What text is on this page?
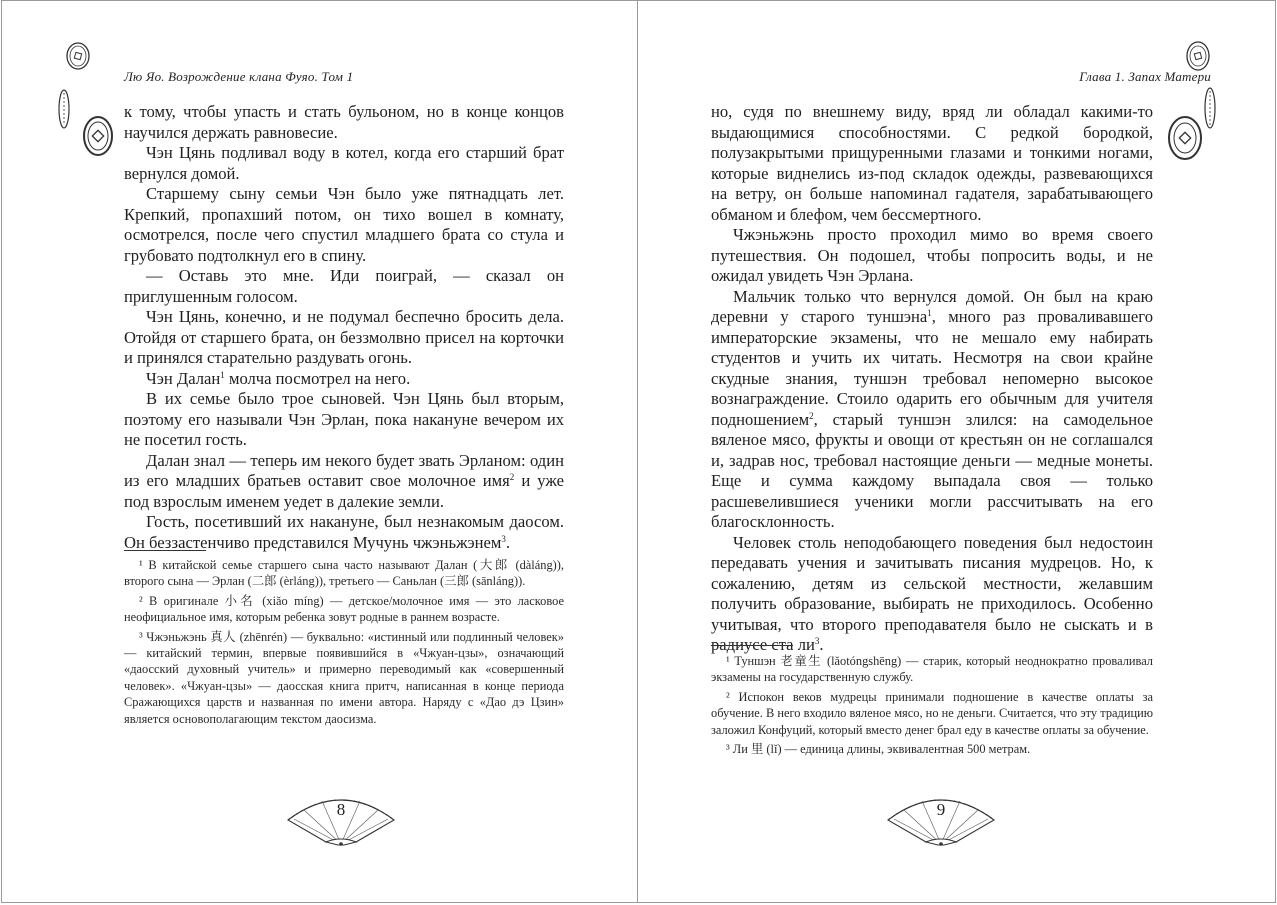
Лю Яо. Возрождение клана Фуяо. Том 1

к тому, чтобы упасть и стать бульоном, но в конце концов научился держать равновесие.

Чэн Цянь подливал воду в котел, когда его старший брат вернулся домой.

Старшему сыну семьи Чэн было уже пятнадцать лет. Крепкий, пропахший потом, он тихо вошел в комнату, осмотрелся, после чего спустил младшего брата со стула и грубовато подтолкнул его в спину.

— Оставь это мне. Иди поиграй, — сказал он приглушенным голосом.

Чэн Цянь, конечно, и не подумал беспечно бросить дела. Отойдя от старшего брата, он беззмолвно присел на корточки и принялся старательно раздувать огонь.

Чэн Далан$^1$ молча посмотрел на него.

В их семье было трое сыновей. Чэн Цянь был вторым, поэтому его называли Чэн Эрлан, пока накануне вечером их не посетил гость.

Далан знал — теперь им некого будет звать Эрланом: один из его младших братьев оставит свое молочное имя$^2$ и уже под взрослым именем уедет в далекие земли.

Гость, посетивший их накануне, был незнакомым даосом. Он беззастенчиво представился Мучунь чжэньжэнем$^3$.

¹ В китайской семье старшего сына часто называют Далан (大郎 (dàláng)), второго сына — Эрлан (二郎 (èrláng)), третьего — Саньлан (三郎 (sānláng)).

² В оригинале 小名 (xiǎo míng) — детское/молочное имя — это ласковое неофициальное имя, которым ребенка зовут родные в раннем возрасте.

³ Чжэньжэнь 真人 (zhēnrén) — буквально: «истинный или подлинный человек» — китайский термин, впервые появившийся в «Чжуан-цзы», означающий «даосский духовный учитель» и примерно переводимый как «совершенный человек». «Чжуан-цзы» — даосская книга притч, написанная в конце периода Сражающихся царств и названная по имени автора. Наряду с «Дао дэ Цзин» является основополагающим текстом даосизма.

8
Глава 1. Запах Матери

но, судя по внешнему виду, вряд ли обладал какими-то выдающимися способностями. С редкой бородкой, полузакрытыми прищуренными глазами и тонкими ногами, которые виднелись из-под складок одежды, развевающихся на ветру, он больше напоминал гадателя, зарабатывающего обманом и блефом, чем бессмертного.

Чжэньжэнь просто проходил мимо во время своего путешествия. Он подошел, чтобы попросить воды, и не ожидал увидеть Чэн Эрлана.

Мальчик только что вернулся домой. Он был на краю деревни у старого туншэна$^1$, много раз проваливавшего императорские экзамены, что не мешало ему набирать студентов и учить их читать. Несмотря на свои крайне скудные знания, туншэн требовал непомерно высокое вознаграждение. Стоило одарить его обычным для учителя подношением$^2$, старый туншэн злился: на самодельное вяленое мясо, фрукты и овощи от крестьян он не соглашался и, задрав нос, требовал настоящие деньги — медные монеты. Еще и сумма каждому выпадала своя — только расшевелившиеся ученики могли рассчитывать на его благосклонность.

Человек столь неподобающего поведения был недостоин передавать учения и зачитывать писания мудрецов. Но, к сожалению, детям из сельской местности, желавшим получить образование, выбирать не приходилось. Особенно учитывая, что второго преподавателя было не сыскать и в радиусе ста $ли^3$.

¹ Туншэн 老童生 (lǎotóngshēng) — старик, который неоднократно проваливал экзамены на государственную службу.

² Испокон веков мудрецы принимали подношение в качестве оплаты за обучение. В него входило вяленое мясо, но не деньги. Считается, что эту традицию заложил Конфуций, который вместо денег брал еду в качестве оплаты за обучение.

³ Ли 里 (lǐ) — единица длины, эквивалентная 500 метрам.

9
